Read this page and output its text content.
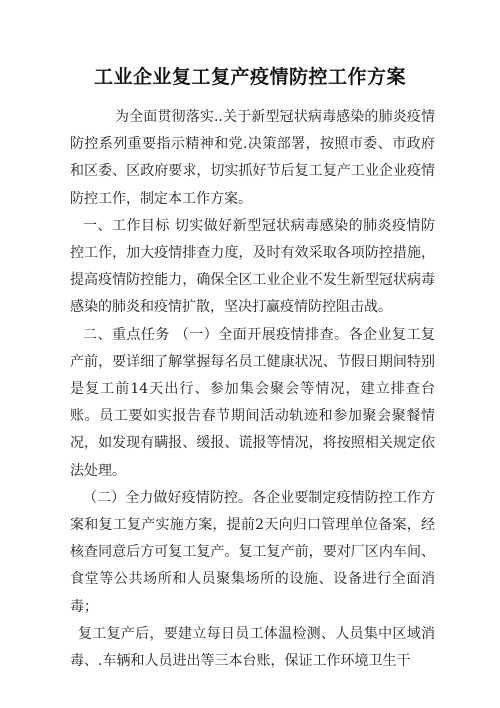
工业企业复工复产疫情防控工作方案

为全面贯彻落实..关于新型冠状病毒感染的肺炎疫情防控系列重要指示精神和党.决策部署，按照市委、市政府和区委、区政府要求，切实抓好节后复工复产工业企业疫情防控工作，制定本工作方案。

一、工作目标 切实做好新型冠状病毒感染的肺炎疫情防控工作，加大疫情排查力度，及时有效采取各项防控措施，提高疫情防控能力，确保全区工业企业不发生新型冠状病毒感染的肺炎和疫情扩散，坚决打赢疫情防控阻击战。

二、重点任务 （一）全面开展疫情排查。各企业复工复产前，要详细了解掌握每名员工健康状况、节假日期间特别是复工前14天出行、参加集会聚会等情况，建立排查台账。员工要如实报告春节期间活动轨迹和参加聚会聚餐情况，如发现有瞒报、缓报、谎报等情况，将按照相关规定依法处理。

（二）全力做好疫情防控。各企业要制定疫情防控工作方案和复工复产实施方案，提前2天向归口管理单位备案，经核查同意后方可复工复产。复工复产前，要对厂区内车间、食堂等公共场所和人员聚集场所的设施、设备进行全面消毒；

复工复产后，要建立每日员工体温检测、人员集中区域消毒、.车辆和人员进出等三本台账，保证工作环境卫生干
